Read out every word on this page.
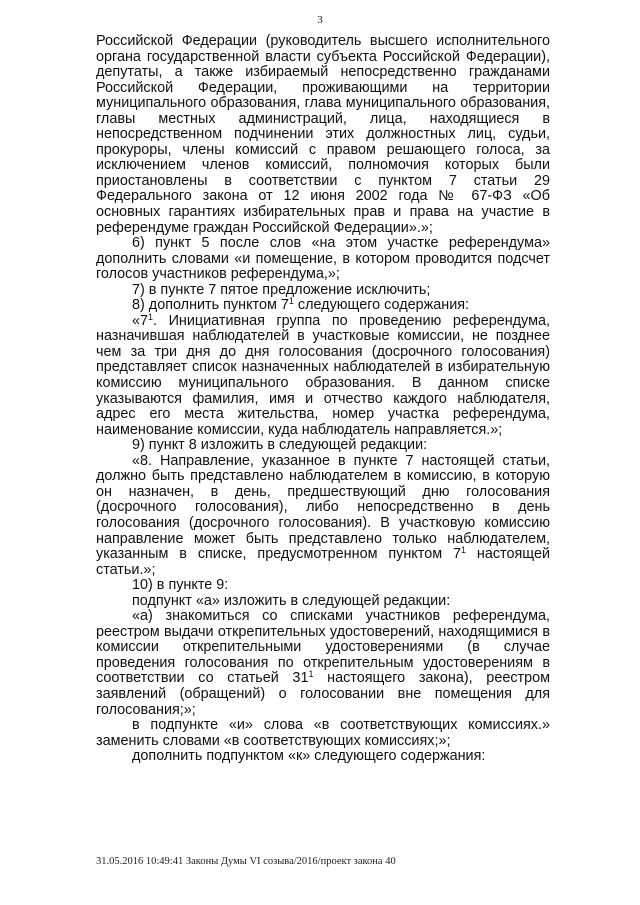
3

Российской Федерации (руководитель высшего исполнительного органа государственной власти субъекта Российской Федерации), депутаты, а также избираемый непосредственно гражданами Российской Федерации, проживающими на территории муниципального образования, глава муниципального образования, главы местных администраций, лица, находящиеся в непосредственном подчинении этих должностных лиц, судьи, прокуроры, члены комиссий с правом решающего голоса, за исключением членов комиссий, полномочия которых были приостановлены в соответствии с пунктом 7 статьи 29 Федерального закона от 12 июня 2002 года № 67-ФЗ «Об основных гарантиях избирательных прав и права на участие в референдуме граждан Российской Федерации».»;

6) пункт 5 после слов «на этом участке референдума» дополнить словами «и помещение, в котором проводится подсчет голосов участников референдума,»;

7) в пункте 7 пятое предложение исключить;

8) дополнить пунктом $7^1$ следующего содержания:

«$7^1$. Инициативная группа по проведению референдума, назначившая наблюдателей в участковые комиссии, не позднее чем за три дня до дня голосования (досрочного голосования) представляет список назначенных наблюдателей в избирательную комиссию муниципального образования. В данном списке указываются фамилия, имя и отчество каждого наблюдателя, адрес его места жительства, номер участка референдума, наименование комиссии, куда наблюдатель направляется.»;

9) пункт 8 изложить в следующей редакции:

«8. Направление, указанное в пункте 7 настоящей статьи, должно быть представлено наблюдателем в комиссию, в которую он назначен, в день, предшествующий дню голосования (досрочного голосования), либо непосредственно в день голосования (досрочного голосования). В участковую комиссию направление может быть представлено только наблюдателем, указанным в списке, предусмотренном пунктом $7^1$ настоящей статьи.»;

10) в пункте 9:

подпункт «а» изложить в следующей редакции:

«а) знакомиться со списками участников референдума, реестром выдачи открепительных удостоверений, находящимися в комиссии открепительными удостоверениями (в случае проведения голосования по открепительным удостоверениям в соответствии со статьей $31^1$ настоящего закона), реестром заявлений (обращений) о голосовании вне помещения для голосования;»;

в подпункте «и» слова «в соответствующих комиссиях.» заменить словами «в соответствующих комиссиях;»;

дополнить подпунктом «к» следующего содержания:

31.05.2016 10:49:41 Законы Думы VI созыва/2016/проект закона 40
